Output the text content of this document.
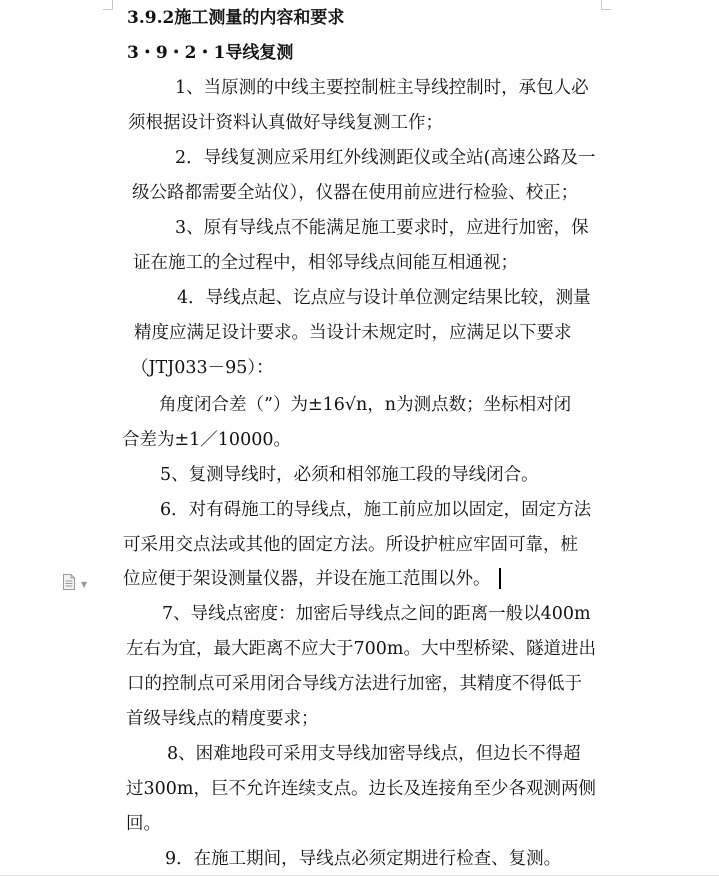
3.9.2施工测量的内容和要求
3・9・2・1导线复测
1、当原测的中线主要控制桩主导线控制时，承包人必
须根据设计资料认真做好导线复测工作；
2．导线复测应采用红外线测距仪或全站(高速公路及一
级公路都需要全站仪），仪器在使用前应进行检验、校正；
3、原有导线点不能满足施工要求时，应进行加密，保
证在施工的全过程中，相邻导线点间能互相通视；
4．导线点起、讫点应与设计单位测定结果比较，测量
精度应满足设计要求。当设计未规定时，应满足以下要求
（JTJ033－95）：
角度闭合差（”）为±16√n，n为测点数；坐标相对闭
合差为±1／10000。
5、复测导线时，必须和相邻施工段的导线闭合。
6．对有碍施工的导线点，施工前应加以固定，固定方法
可采用交点法或其他的固定方法。所设护桩应牢固可靠，桩
位应便于架设测量仪器，并设在施工范围以外。
7、导线点密度：加密后导线点之间的距离一般以400m
左右为宜，最大距离不应大于700m。大中型桥梁、隧道进出
口的控制点可采用闭合导线方法进行加密，其精度不得低于
首级导线点的精度要求；
8、困难地段可采用支导线加密导线点，但边长不得超
过300m，巨不允许连续支点。边长及连接角至少各观测两侧
回。
9．在施工期间，导线点必须定期进行检查、复测。
▼
